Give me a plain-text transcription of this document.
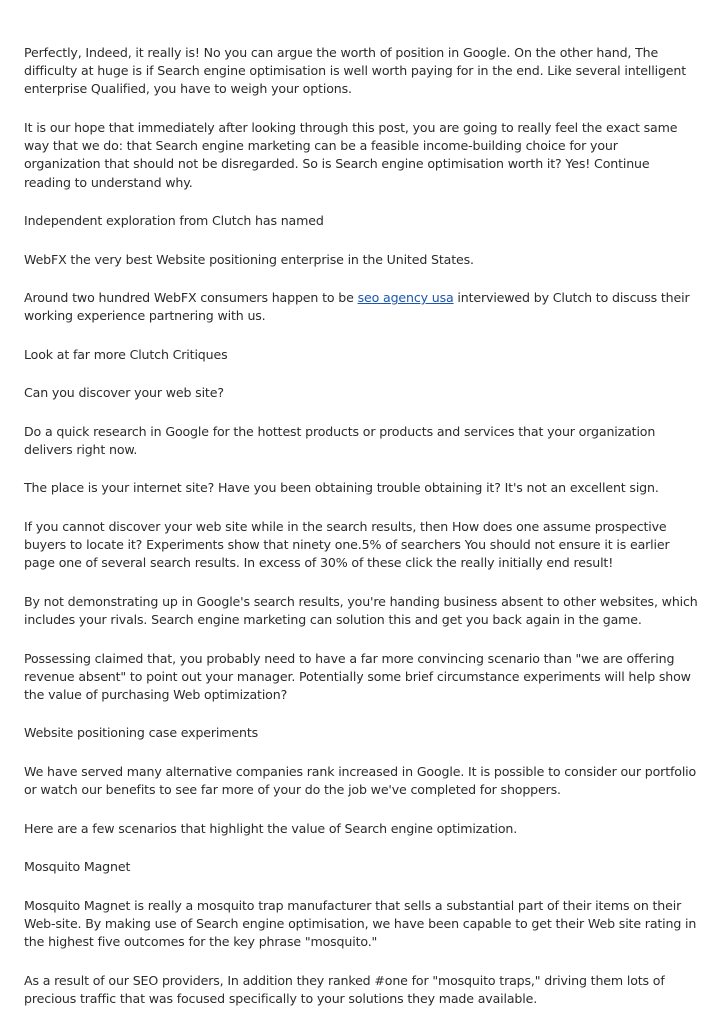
Perfectly, Indeed, it really is! No you can argue the worth of position in Google. On the other hand, The difficulty at huge is if Search engine optimisation is well worth paying for in the end. Like several intelligent enterprise Qualified, you have to weigh your options.

It is our hope that immediately after looking through this post, you are going to really feel the exact same way that we do: that Search engine marketing can be a feasible income-building choice for your organization that should not be disregarded. So is Search engine optimisation worth it? Yes! Continue reading to understand why.

Independent exploration from Clutch has named

WebFX the very best Website positioning enterprise in the United States.

Around two hundred WebFX consumers happen to be seo agency usa interviewed by Clutch to discuss their working experience partnering with us.

Look at far more Clutch Critiques

Can you discover your web site?

Do a quick research in Google for the hottest products or products and services that your organization delivers right now.

The place is your internet site? Have you been obtaining trouble obtaining it? It's not an excellent sign.

If you cannot discover your web site while in the search results, then How does one assume prospective buyers to locate it? Experiments show that ninety one.5% of searchers You should not ensure it is earlier page one of several search results. In excess of 30% of these click the really initially end result!

By not demonstrating up in Google's search results, you're handing business absent to other websites, which includes your rivals. Search engine marketing can solution this and get you back again in the game.

Possessing claimed that, you probably need to have a far more convincing scenario than "we are offering revenue absent" to point out your manager. Potentially some brief circumstance experiments will help show the value of purchasing Web optimization?

Website positioning case experiments

We have served many alternative companies rank increased in Google. It is possible to consider our portfolio or watch our benefits to see far more of your do the job we've completed for shoppers.

Here are a few scenarios that highlight the value of Search engine optimization.

Mosquito Magnet

Mosquito Magnet is really a mosquito trap manufacturer that sells a substantial part of their items on their Web-site. By making use of Search engine optimisation, we have been capable to get their Web site rating in the highest five outcomes for the key phrase "mosquito."

As a result of our SEO providers, In addition they ranked #one for "mosquito traps," driving them lots of precious traffic that was focused specifically to your solutions they made available.
